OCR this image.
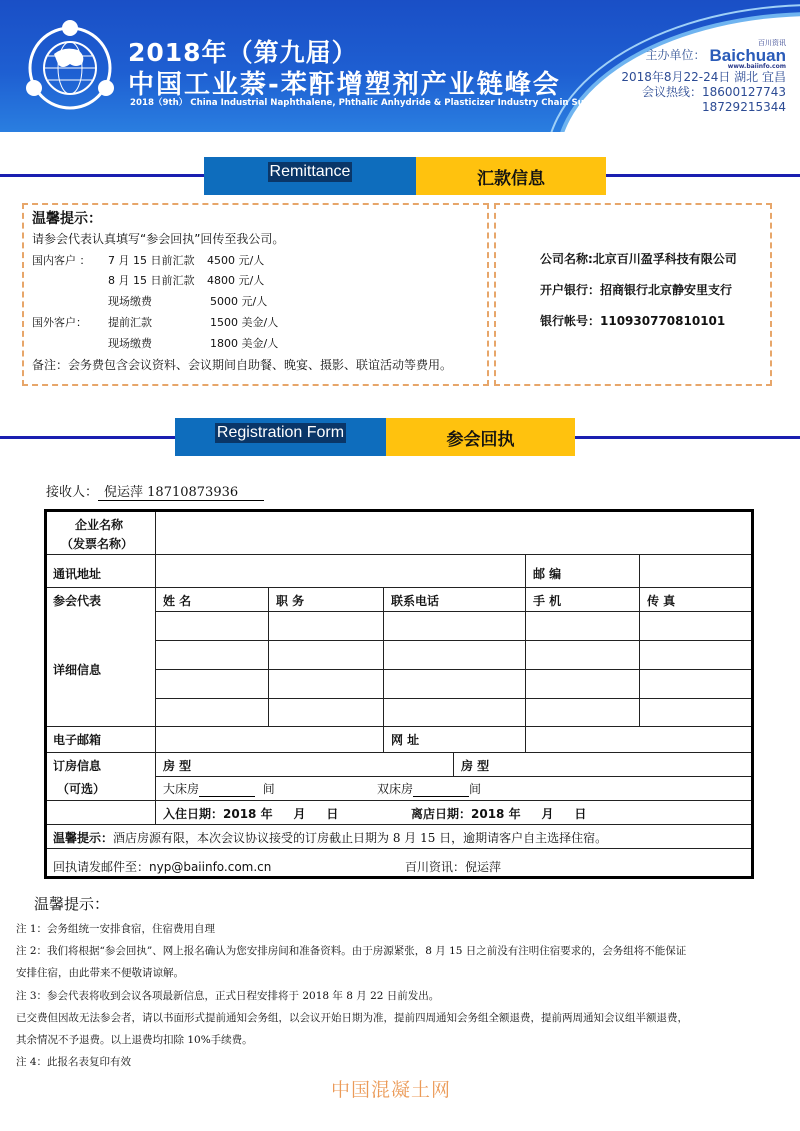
2018年（第九届）
中国工业萘-苯酐增塑剂产业链峰会
2018（9th） China Industrial Naphthalene, Phthalic Anhydride & Plasticizer Industry Chain Summit
主办单位：
百川资讯
Baichuan
www.baiinfo.com
2018年8月22-24日 湖北 宜昌
会议热线：18600127743
18729215344
Remittance	汇款信息
温馨提示：
请参会代表认真填写“参会回执”回传至我公司。
国内客户 ： 7 月 15 日前汇款 4500 元/人
8 月 15 日前汇款 4800 元/人
现场缴费	5000 元/人
国外客户： 提前汇款	1500 美金/人
现场缴费	1800 美金/人
备注：会务费包含会议资料、会议期间自助餐、晚宴、摄影、联谊活动等费用。
公司名称:北京百川盈孚科技有限公司
开户银行：招商银行北京静安里支行
银行帐号：110930770810101
Registration Form	参会回执
接收人： 倪运萍 18710873936
企业名称
（发票名称）
通讯地址	邮 编
参会代表	姓 名	职 务	联系电话	手 机	传 真
详细信息
电子邮箱	网 址
订房信息	房 型	房 型
（可选）	大床房	间	双床房	间
入住日期：2018 年     月     日	离店日期：2018 年     月     日
温馨提示：酒店房源有限，本次会议协议接受的订房截止日期为 8 月 15 日，逾期请客户自主选择住宿。
回执请发邮件至：nyp@baiinfo.com.cn	百川资讯：倪运萍
温馨提示：
注 1：会务组统一安排食宿，住宿费用自理
注 2：我们将根据“参会回执”、网上报名确认为您安排房间和准备资料。由于房源紧张，8 月 15 日之前没有注明住宿要求的，会务组将不能保证
安排住宿，由此带来不便敬请谅解。
注 3：参会代表将收到会议各项最新信息，正式日程安排将于 2018 年 8 月 22 日前发出。
已交费但因故无法参会者，请以书面形式提前通知会务组，以会议开始日期为准，提前四周通知会务组全额退费，提前两周通知会议组半额退费，
其余情况不予退费。以上退费均扣除 10%手续费。
注 4：此报名表复印有效
中国混凝土网
